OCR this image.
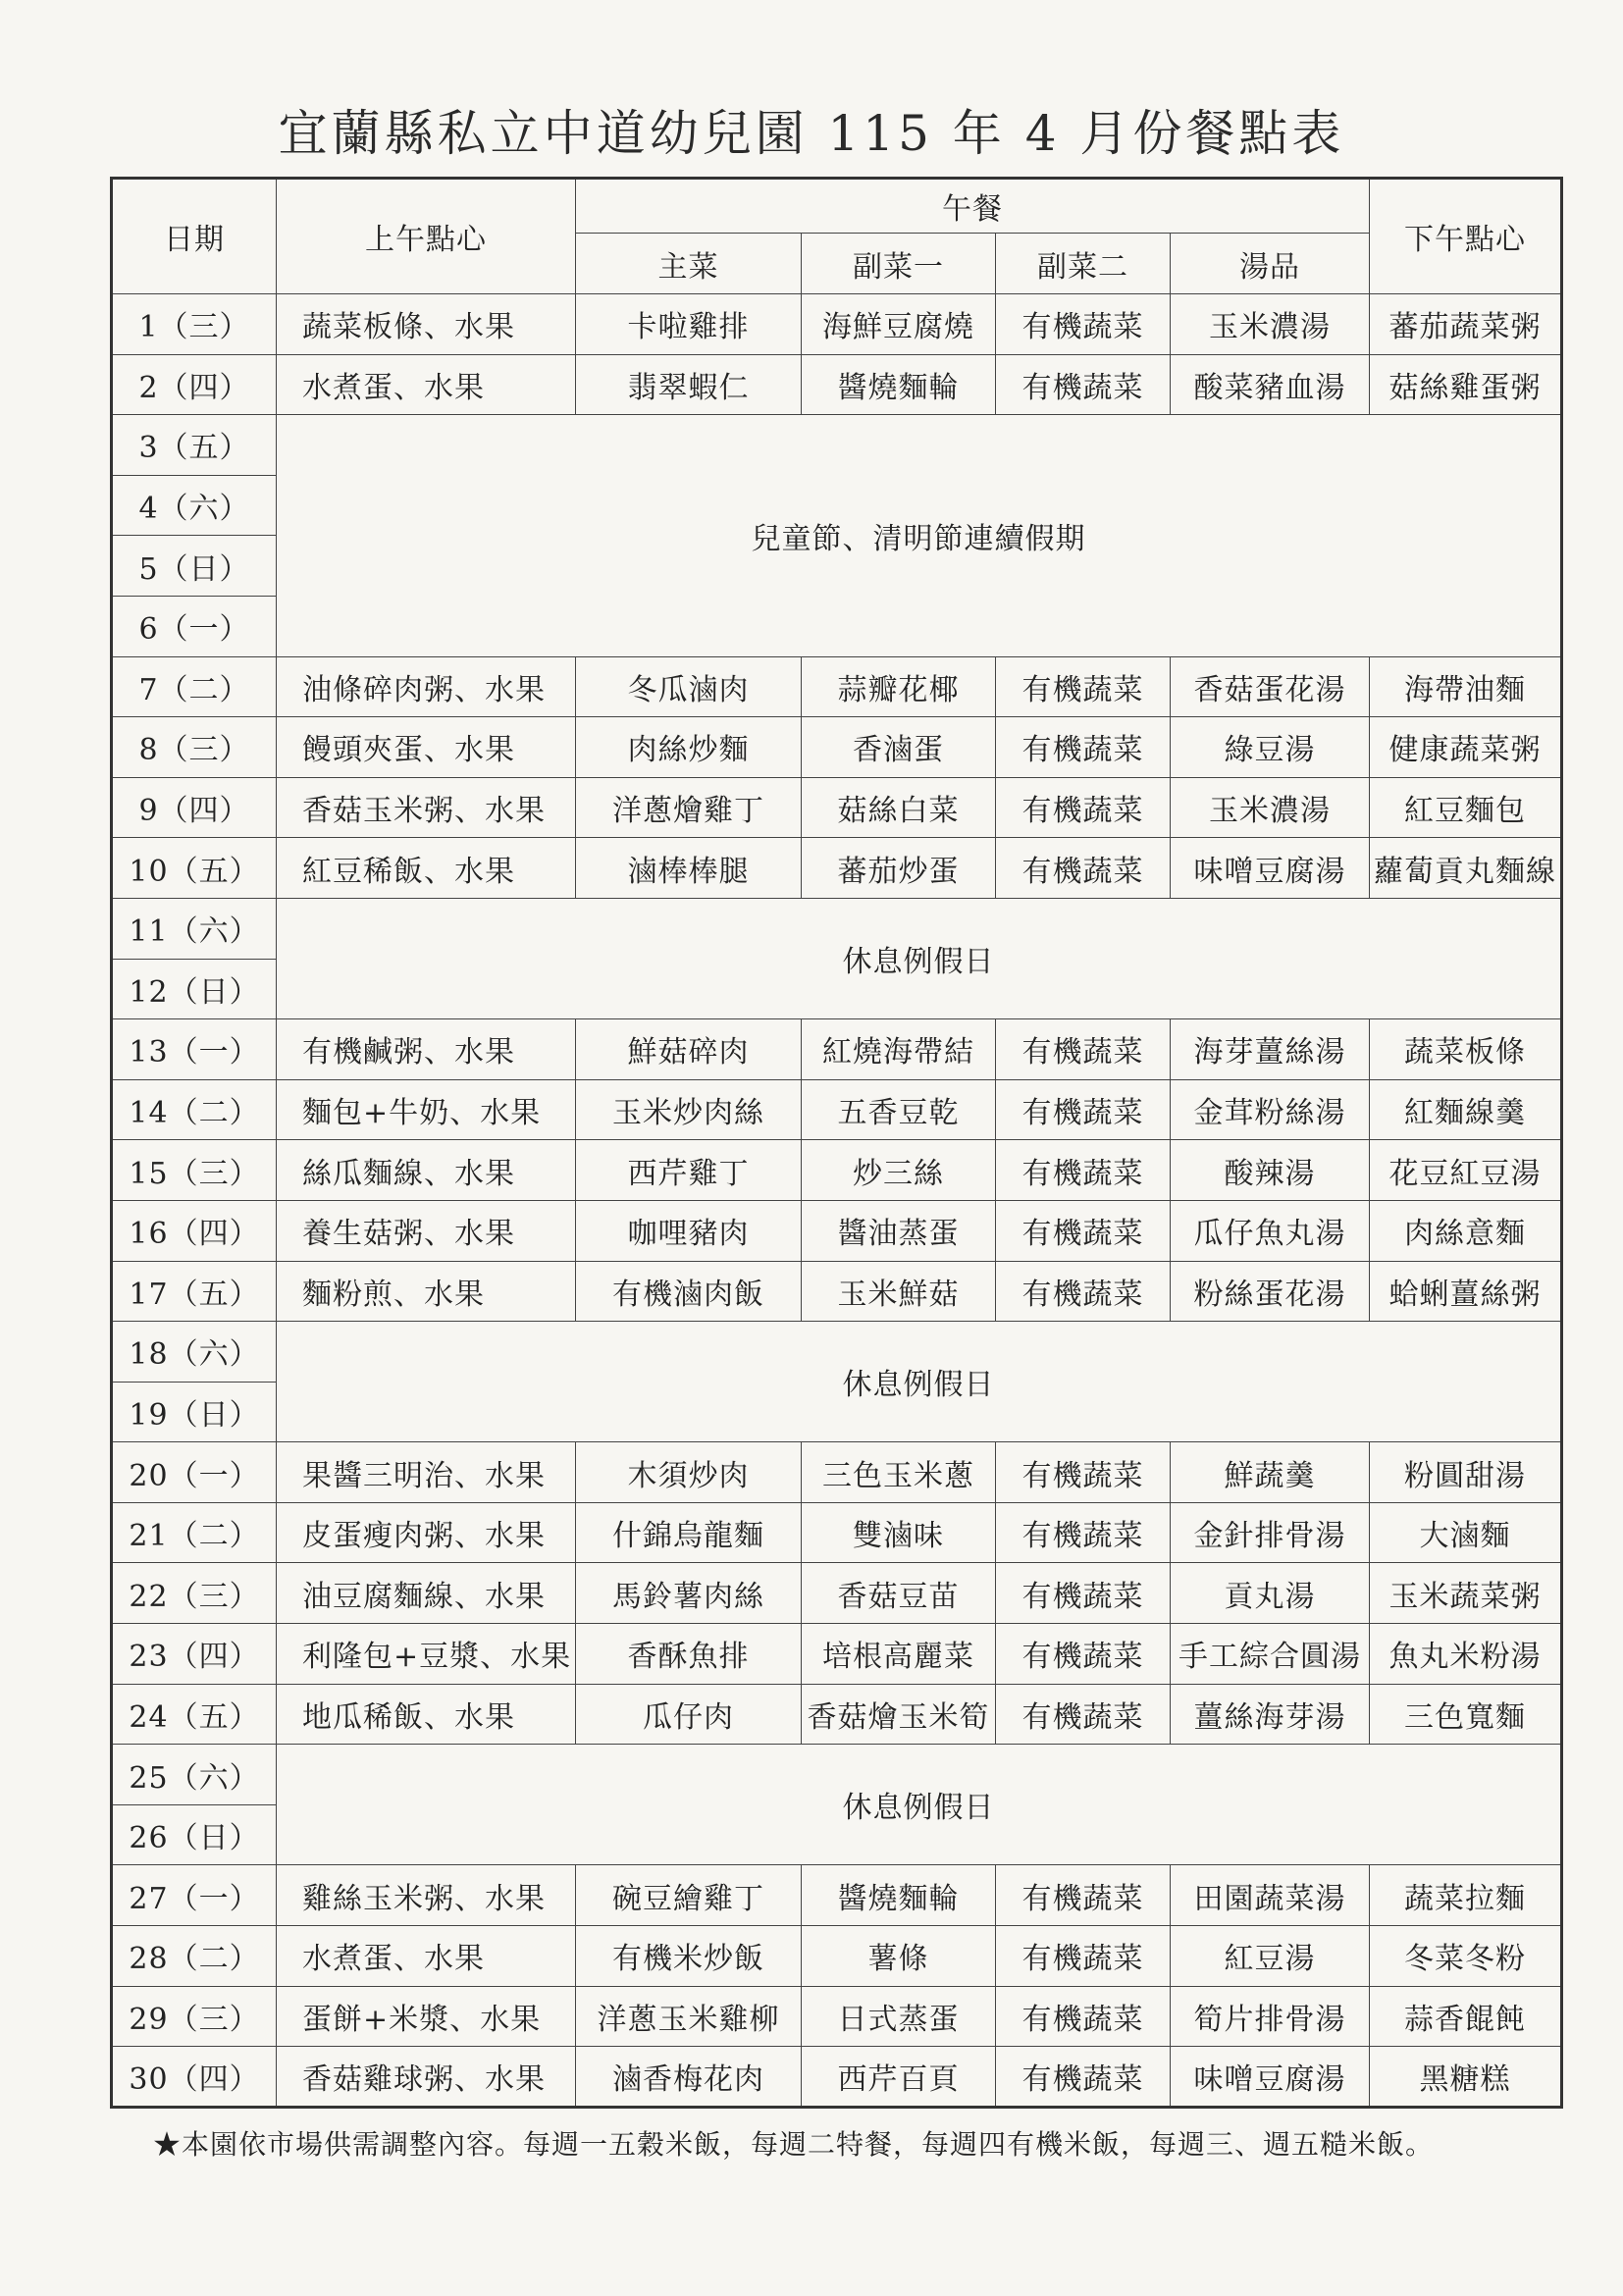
宜蘭縣私立中道幼兒園 115 年 4 月份餐點表
日期	上午點心	午餐				下午點心
		主菜	副菜一	副菜二	湯品	
1（三）	蔬菜板條、水果	卡啦雞排	海鮮豆腐燒	有機蔬菜	玉米濃湯	蕃茄蔬菜粥
2（四）	水煮蛋、水果	翡翠蝦仁	醬燒麵輪	有機蔬菜	酸菜豬血湯	菇絲雞蛋粥
3（五）	兒童節、清明節連續假期					
4（六）						
5（日）						
6（一）						
7（二）	油條碎肉粥、水果	冬瓜滷肉	蒜瓣花椰	有機蔬菜	香菇蛋花湯	海帶油麵
8（三）	饅頭夾蛋、水果	肉絲炒麵	香滷蛋	有機蔬菜	綠豆湯	健康蔬菜粥
9（四）	香菇玉米粥、水果	洋蔥燴雞丁	菇絲白菜	有機蔬菜	玉米濃湯	紅豆麵包
10（五）	紅豆稀飯、水果	滷棒棒腿	蕃茄炒蛋	有機蔬菜	味噌豆腐湯	蘿蔔貢丸麵線
11（六）	休息例假日					
12（日）						
13（一）	有機鹹粥、水果	鮮菇碎肉	紅燒海帶結	有機蔬菜	海芽薑絲湯	蔬菜板條
14（二）	麵包+牛奶、水果	玉米炒肉絲	五香豆乾	有機蔬菜	金茸粉絲湯	紅麵線羹
15（三）	絲瓜麵線、水果	西芹雞丁	炒三絲	有機蔬菜	酸辣湯	花豆紅豆湯
16（四）	養生菇粥、水果	咖哩豬肉	醬油蒸蛋	有機蔬菜	瓜仔魚丸湯	肉絲意麵
17（五）	麵粉煎、水果	有機滷肉飯	玉米鮮菇	有機蔬菜	粉絲蛋花湯	蛤蜊薑絲粥
18（六）	休息例假日					
19（日）						
20（一）	果醬三明治、水果	木須炒肉	三色玉米蔥	有機蔬菜	鮮蔬羹	粉圓甜湯
21（二）	皮蛋瘦肉粥、水果	什錦烏龍麵	雙滷味	有機蔬菜	金針排骨湯	大滷麵
22（三）	油豆腐麵線、水果	馬鈴薯肉絲	香菇豆苗	有機蔬菜	貢丸湯	玉米蔬菜粥
23（四）	利隆包+豆漿、水果	香酥魚排	培根高麗菜	有機蔬菜	手工綜合圓湯	魚丸米粉湯
24（五）	地瓜稀飯、水果	瓜仔肉	香菇燴玉米筍	有機蔬菜	薑絲海芽湯	三色寬麵
25（六）	休息例假日					
26（日）						
27（一）	雞絲玉米粥、水果	碗豆繪雞丁	醬燒麵輪	有機蔬菜	田園蔬菜湯	蔬菜拉麵
28（二）	水煮蛋、水果	有機米炒飯	薯條	有機蔬菜	紅豆湯	冬菜冬粉
29（三）	蛋餅+米漿、水果	洋蔥玉米雞柳	日式蒸蛋	有機蔬菜	筍片排骨湯	蒜香餛飩
30（四）	香菇雞球粥、水果	滷香梅花肉	西芹百頁	有機蔬菜	味噌豆腐湯	黑糖糕
★本園依市場供需調整內容。每週一五穀米飯，每週二特餐，每週四有機米飯，每週三、週五糙米飯。
